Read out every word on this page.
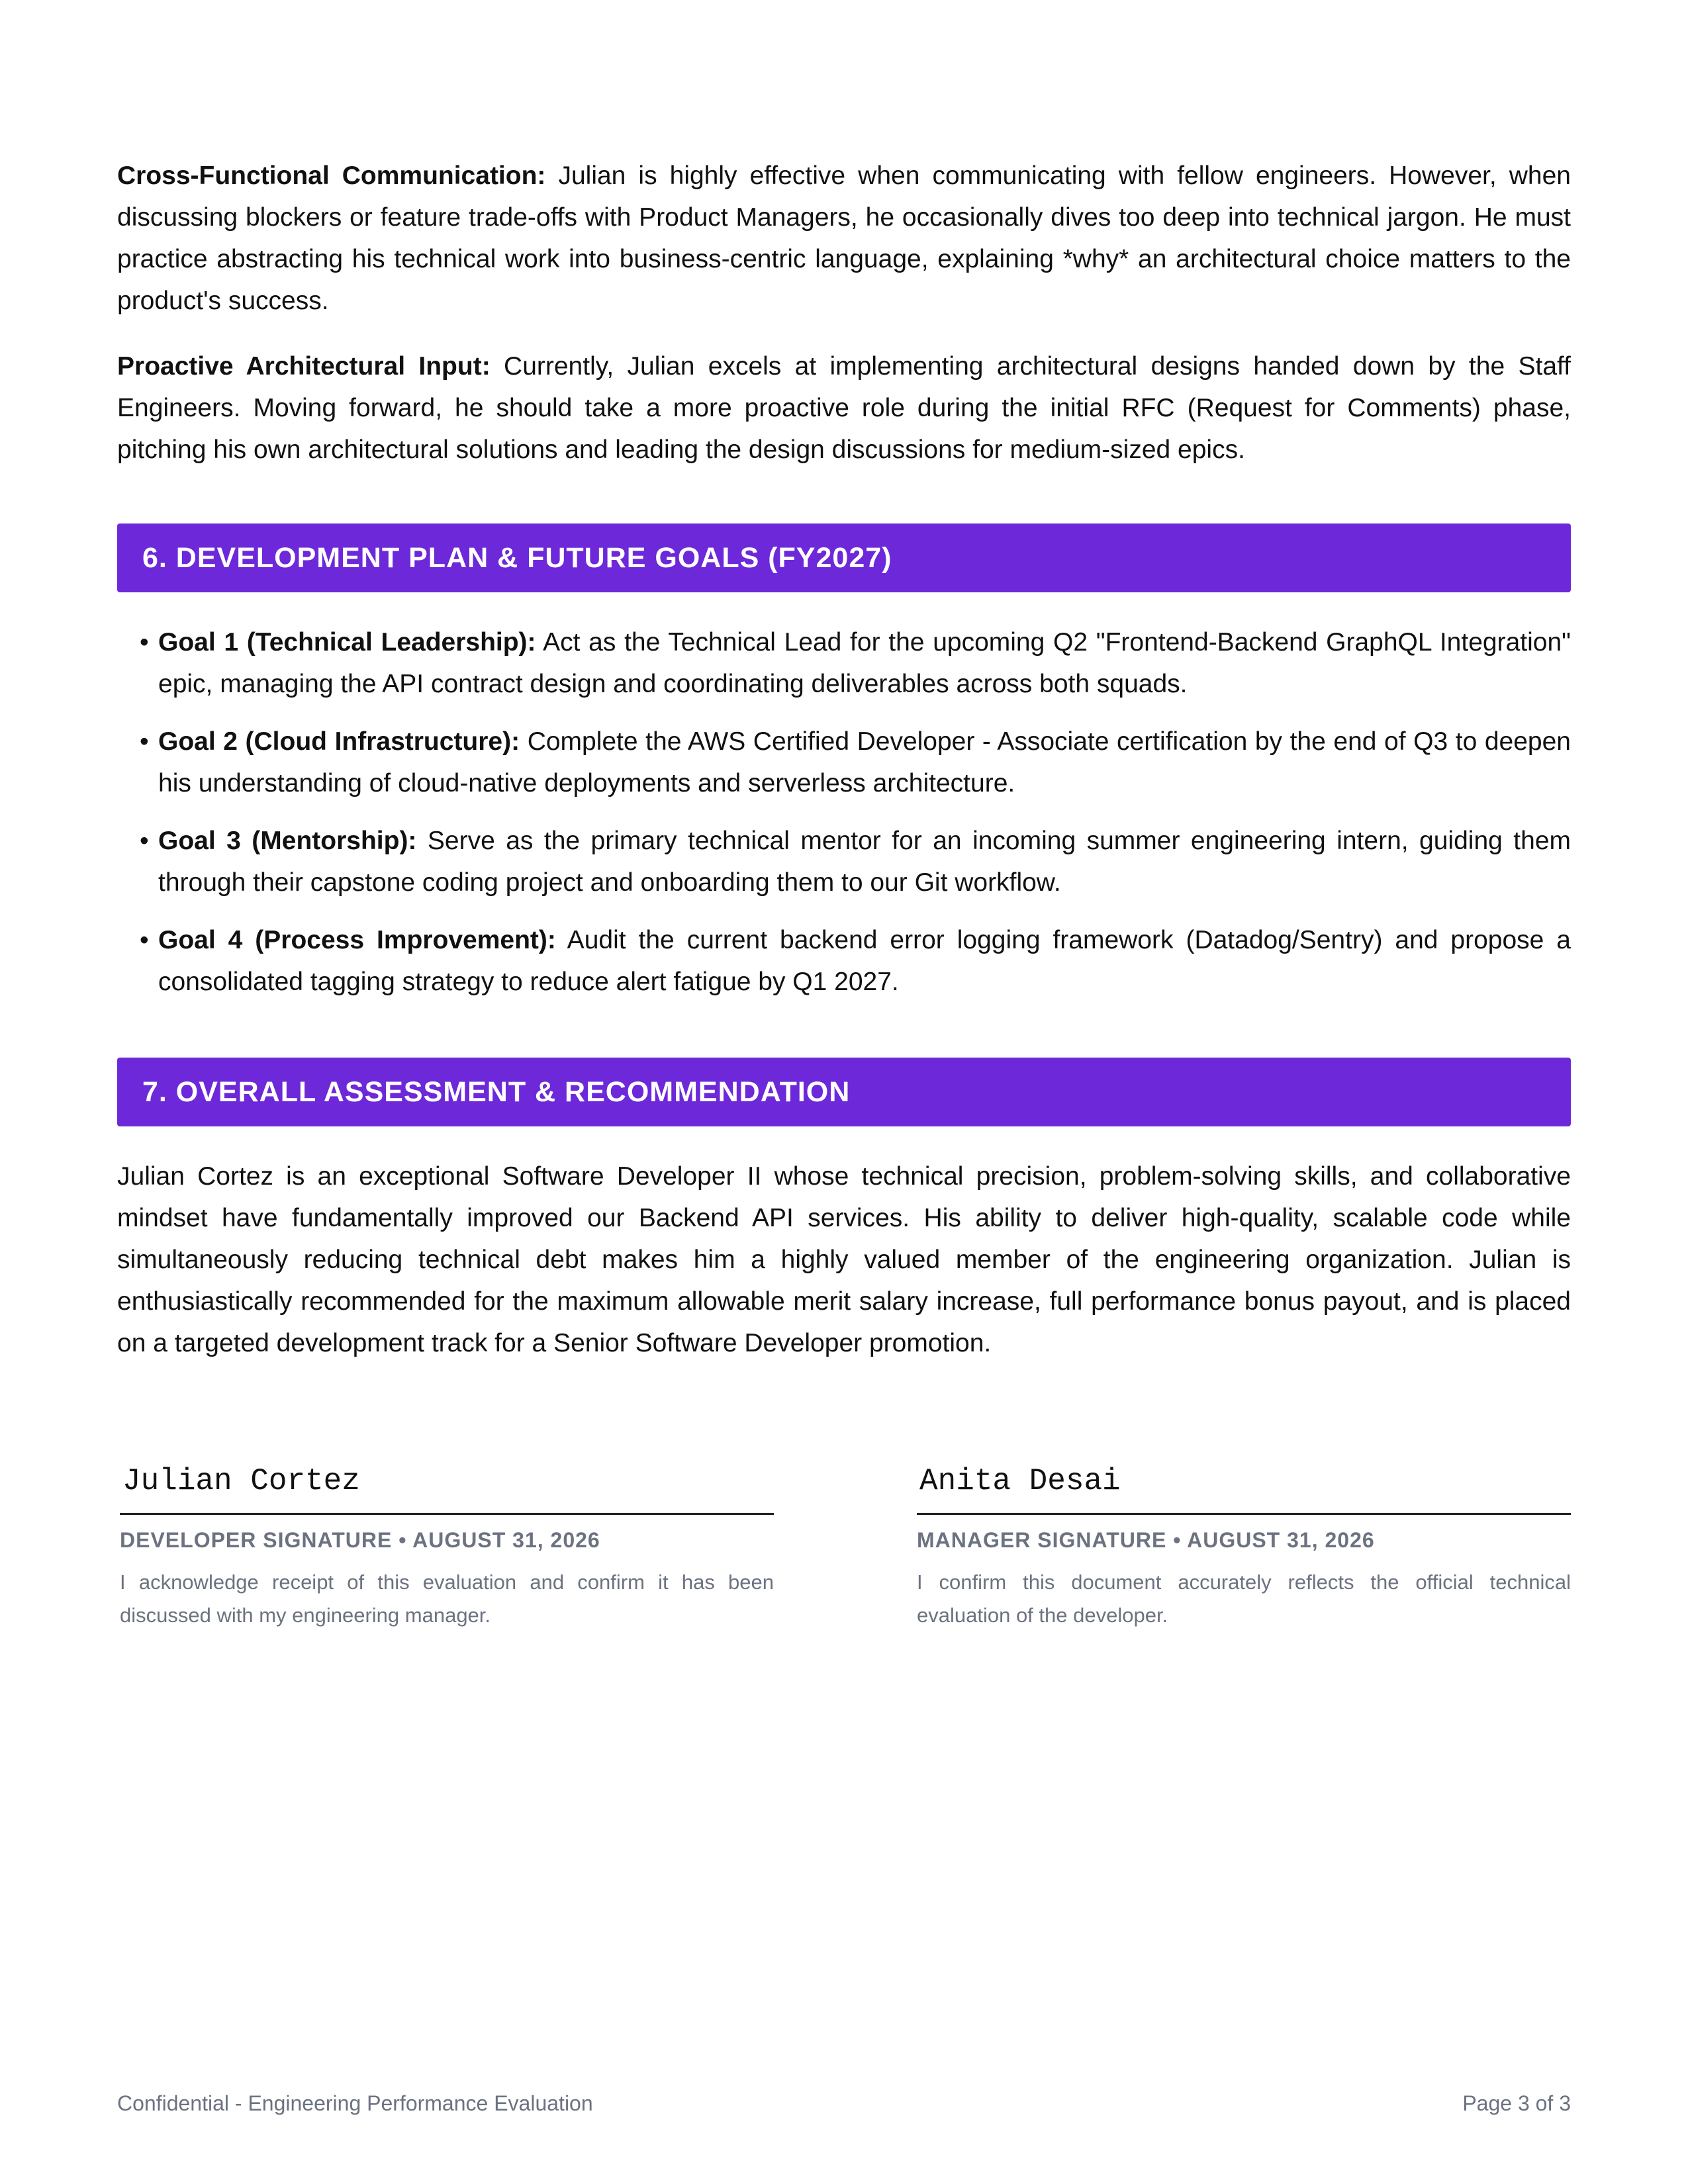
Cross-Functional Communication: Julian is highly effective when communicating with fellow engineers. However, when discussing blockers or feature trade-offs with Product Managers, he occasionally dives too deep into technical jargon. He must practice abstracting his technical work into business-centric language, explaining *why* an architectural choice matters to the product's success.

Proactive Architectural Input: Currently, Julian excels at implementing architectural designs handed down by the Staff Engineers. Moving forward, he should take a more proactive role during the initial RFC (Request for Comments) phase, pitching his own architectural solutions and leading the design discussions for medium-sized epics.

6. DEVELOPMENT PLAN & FUTURE GOALS (FY2027)
• Goal 1 (Technical Leadership): Act as the Technical Lead for the upcoming Q2 "Frontend-Backend GraphQL Integration" epic, managing the API contract design and coordinating deliverables across both squads.
• Goal 2 (Cloud Infrastructure): Complete the AWS Certified Developer - Associate certification by the end of Q3 to deepen his understanding of cloud-native deployments and serverless architecture.
• Goal 3 (Mentorship): Serve as the primary technical mentor for an incoming summer engineering intern, guiding them through their capstone coding project and onboarding them to our Git workflow.
• Goal 4 (Process Improvement): Audit the current backend error logging framework (Datadog/Sentry) and propose a consolidated tagging strategy to reduce alert fatigue by Q1 2027.
7. OVERALL ASSESSMENT & RECOMMENDATION

Julian Cortez is an exceptional Software Developer II whose technical precision, problem-solving skills, and collaborative mindset have fundamentally improved our Backend API services. His ability to deliver high-quality, scalable code while simultaneously reducing technical debt makes him a highly valued member of the engineering organization. Julian is enthusiastically recommended for the maximum allowable merit salary increase, full performance bonus payout, and is placed on a targeted development track for a Senior Software Developer promotion.

Julian Cortez
DEVELOPER SIGNATURE • AUGUST 31, 2026
I acknowledge receipt of this evaluation and confirm it has been discussed with my engineering manager.
Anita Desai
MANAGER SIGNATURE • AUGUST 31, 2026
I confirm this document accurately reflects the official technical evaluation of the developer.
Confidential - Engineering Performance Evaluation	Page 3 of 3
